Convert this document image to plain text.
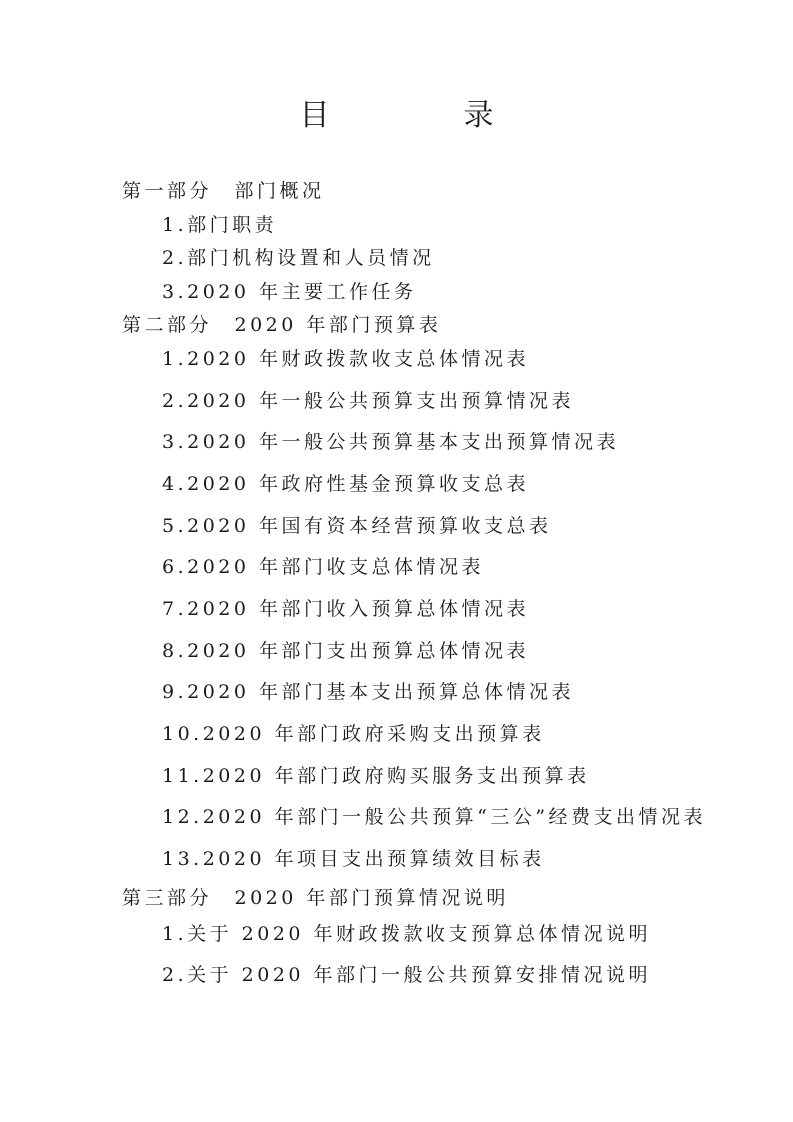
目　录
第一部分　部门概况
1.部门职责
2.部门机构设置和人员情况
3.2020 年主要工作任务
第二部分　2020 年部门预算表
1.2020 年财政拨款收支总体情况表
2.2020 年一般公共预算支出预算情况表
3.2020 年一般公共预算基本支出预算情况表
4.2020 年政府性基金预算收支总表
5.2020 年国有资本经营预算收支总表
6.2020 年部门收支总体情况表
7.2020 年部门收入预算总体情况表
8.2020 年部门支出预算总体情况表
9.2020 年部门基本支出预算总体情况表
10.2020 年部门政府采购支出预算表
11.2020 年部门政府购买服务支出预算表
12.2020 年部门一般公共预算“三公”经费支出情况表
13.2020 年项目支出预算绩效目标表
第三部分　2020 年部门预算情况说明
1.关于 2020 年财政拨款收支预算总体情况说明
2.关于 2020 年部门一般公共预算安排情况说明
